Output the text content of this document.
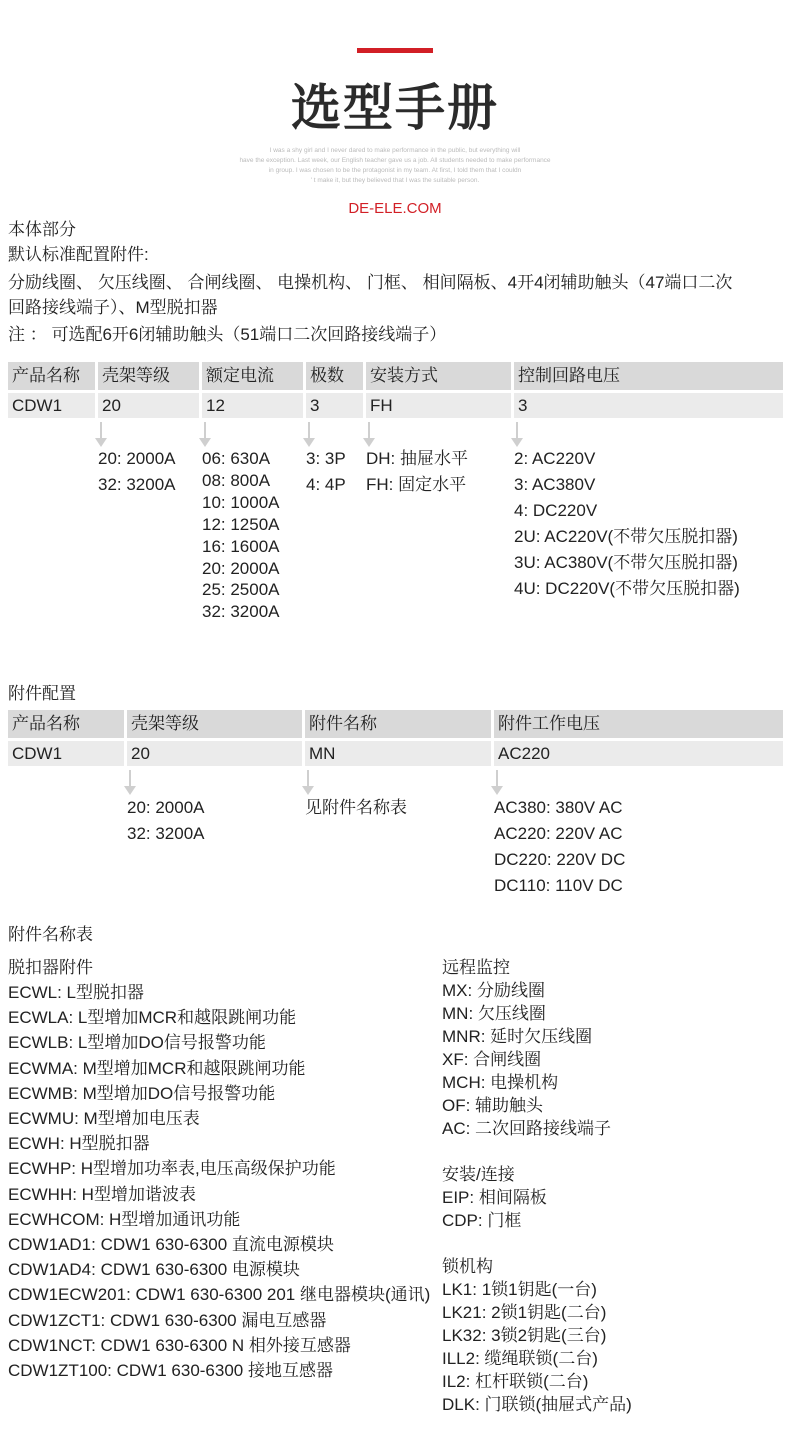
选型手册
I was a shy girl and I never dared to make performance in the public, but everything will
have the exception. Last week, our English teacher gave us a job. All students needed to make performance
in group. I was chosen to be the protagonist in my team. At first, I told them that I couldn
' t make it, but they believed that I was the suitable person.
DE-ELE.COM
本体部分
默认标准配置附件:
分励线圈、 欠压线圈、 合闸线圈、 电操机构、 门框、 相间隔板、4开4闭辅助触头（47端口二次
回路接线端子）、M型脱扣器
注 ： 可选配6开6闭辅助触头（51端口二次回路接线端子）
附件配置
附件名称表
产品名称
CDW1
壳架等级
20
20: 2000A
32: 3200A
额定电流
12
06: 630A
08: 800A
10: 1000A
12: 1250A
16: 1600A
20: 2000A
25: 2500A
32: 3200A
极数
3
3: 3P
4: 4P
安装方式
FH
DH: 抽屉水平
FH: 固定水平
控制回路电压
3
2: AC220V
3: AC380V
4: DC220V
2U: AC220V(不带欠压脱扣器)
3U: AC380V(不带欠压脱扣器)
4U: DC220V(不带欠压脱扣器)
产品名称
CDW1
壳架等级
20
20: 2000A
32: 3200A
附件名称
MN
见附件名称表
附件工作电压
AC220
AC380: 380V AC
AC220: 220V AC
DC220: 220V DC
DC110: 110V DC
脱扣器附件
ECWL: L型脱扣器
ECWLA: L型增加MCR和越限跳闸功能
ECWLB: L型增加DO信号报警功能
ECWMA: M型增加MCR和越限跳闸功能
ECWMB: M型增加DO信号报警功能
ECWMU: M型增加电压表
ECWH: H型脱扣器
ECWHP: H型增加功率表,电压高级保护功能
ECWHH: H型增加谐波表
ECWHCOM: H型增加通讯功能
CDW1AD1: CDW1 630-6300 直流电源模块
CDW1AD4: CDW1 630-6300 电源模块
CDW1ECW201: CDW1 630-6300 201 继电器模块(通讯)
CDW1ZCT1: CDW1 630-6300 漏电互感器
CDW1NCT: CDW1 630-6300 N 相外接互感器
CDW1ZT100: CDW1 630-6300 接地互感器
远程监控
MX: 分励线圈
MN: 欠压线圈
MNR: 延时欠压线圈
XF: 合闸线圈
MCH: 电操机构
OF: 辅助触头
AC: 二次回路接线端子
安装/连接
EIP: 相间隔板
CDP: 门框
锁机构
LK1: 1锁1钥匙(一台)
LK21: 2锁1钥匙(二台)
LK32: 3锁2钥匙(三台)
ILL2: 缆绳联锁(二台)
IL2: 杠杆联锁(二台)
DLK: 门联锁(抽屉式产品)
